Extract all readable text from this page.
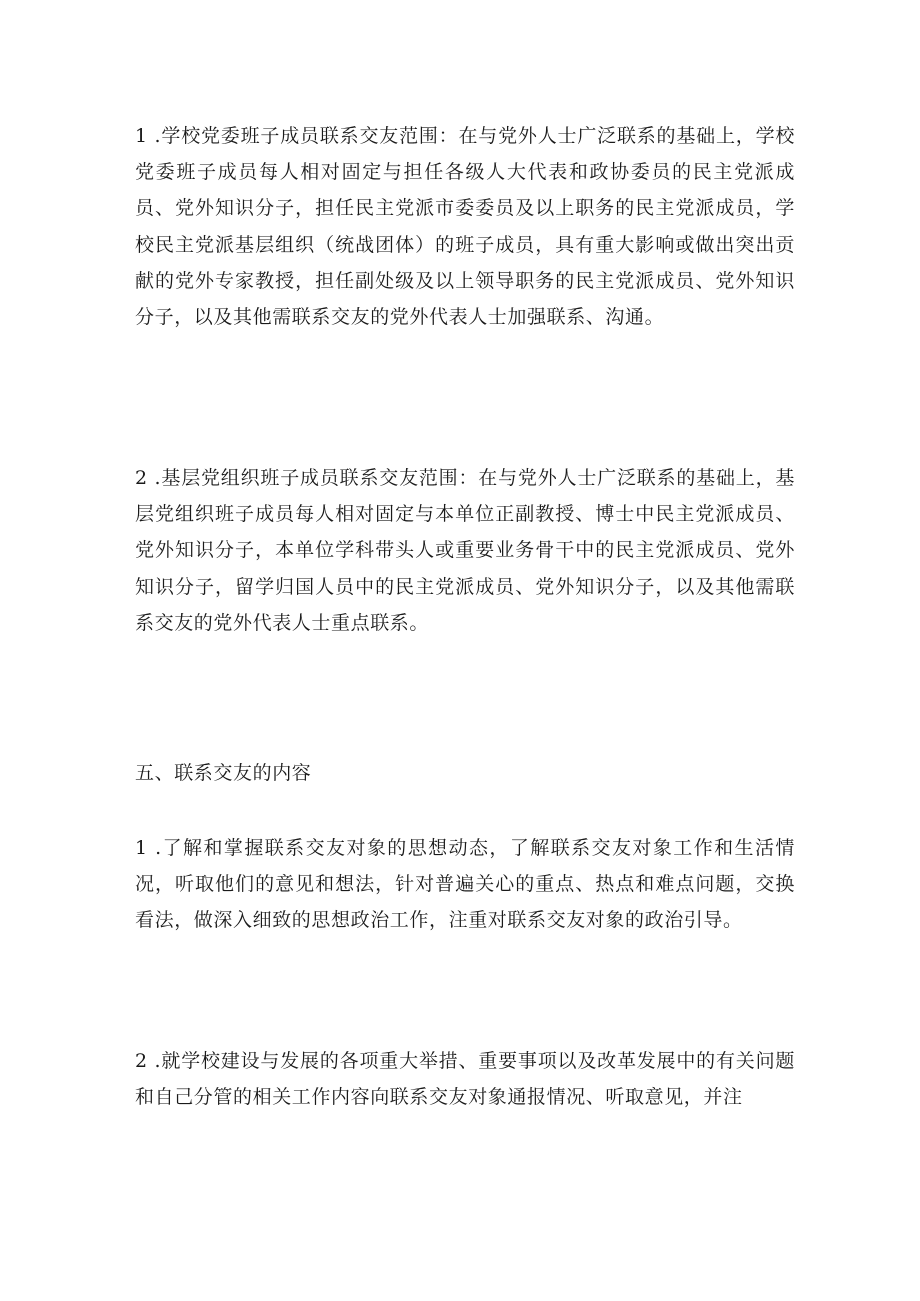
1 .学校党委班子成员联系交友范围：在与党外人士广泛联系的基础上，学校党委班子成员每人相对固定与担任各级人大代表和政协委员的民主党派成员、党外知识分子，担任民主党派市委委员及以上职务的民主党派成员，学校民主党派基层组织（统战团体）的班子成员，具有重大影响或做出突出贡献的党外专家教授，担任副处级及以上领导职务的民主党派成员、党外知识分子，以及其他需联系交友的党外代表人士加强联系、沟通。

2 .基层党组织班子成员联系交友范围：在与党外人士广泛联系的基础上，基层党组织班子成员每人相对固定与本单位正副教授、博士中民主党派成员、党外知识分子，本单位学科带头人或重要业务骨干中的民主党派成员、党外知识分子，留学归国人员中的民主党派成员、党外知识分子，以及其他需联系交友的党外代表人士重点联系。

五、联系交友的内容

1 .了解和掌握联系交友对象的思想动态，了解联系交友对象工作和生活情况，听取他们的意见和想法，针对普遍关心的重点、热点和难点问题，交换看法，做深入细致的思想政治工作，注重对联系交友对象的政治引导。

2 .就学校建设与发展的各项重大举措、重要事项以及改革发展中的有关问题和自己分管的相关工作内容向联系交友对象通报情况、听取意见，并注
